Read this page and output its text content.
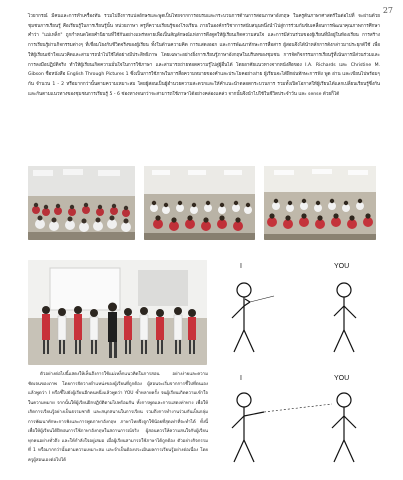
27

ไวยากรณ์ มีคนและการทำเครื่องทัน รวมไปถึงการแปลอักษรและพูดเป็นไทยจากการอบรมและกระบวนการด้านการสอนภาษาอังกฤษ ในครูต้นภาษาศาสตร์ในต่อไปที่ จะผ่านด้วยชุมชนการเรียนรู้ คือเรียนรู้ในการเรียนรู้นั้น หน่วยภาษา ครูที่ความเรียนรู้ของโรงเรียน ภายในองค์กรวิชาการสนับสนุนหนึ่งนำไปสู่การร่วมกันขับเคลื่อนการพัฒนาคุณภาพการศึกษา คำว่า "แม่เหล็ก" ถูกกำหนดโดยคำนิยามที่ใช้กันอย่างแพร่หลายเพื่อเป็นสัญลักษณ์แห่งการดึงดูดให้ผู้เรียนเกิดความสนใจ และการมีส่วนร่วมของผู้เรียนที่มีอยู่ในห้องเรียน การสร้างการเรียนรู้ผ่านกิจกรรมต่างๆ ที่เชื่อมโยงกับชีวิตจริงของผู้เรียน ทั้งในด้านความคิด การแสดงออก และการพัฒนาทักษะการสื่อสาร ผู้สอนจึงได้นำหลักการดังกล่าวมาประยุกต์ใช้ เพื่อให้ผู้เรียนเข้าใจแนวคิดและสามารถนำไปใช้ได้อย่างมีประสิทธิภาพ โดยเฉพาะอย่างยิ่งการเรียนรู้ภาษาอังกฤษในบริบทของชุมชน การจัดกิจกรรมการเรียนรู้ที่เน้นการมีส่วนร่วมและการลงมือปฏิบัติจริง ทำให้ผู้เรียนเกิดความมั่นใจในการใช้ภาษา และสามารถถ่ายทอดความรู้ไปสู่ผู้อื่นได้ โดยอาศัยแนวทางจากหนังสือของ I.A. Richards และ Christine M. Gibson ชื่อหนังสือ English Through Pictures 1 ซึ่งเป็นการใช้ภาพในการสื่อความหมายของคำและประโยคอย่างง่าย ผู้เรียนจะได้ฝึกฝนทักษะการฟัง พูด อ่าน และเขียนไปพร้อมๆ กัน จำนวน 1 - 2 หรือมากกว่านั้นตามความเหมาะสม โดยผู้สอนเป็นผู้อำนวยความสะดวกและให้คำแนะนำตลอดกระบวนการ รวมทั้งเปิดโอกาสให้ผู้เรียนได้แลกเปลี่ยนเรียนรู้ซึ่งกันและกันตามแนวทางของชุมชนการเรียนรู้ 5 - 6 ช่องทางจนกว่าจะสามารถใช้ภาษาได้อย่างคล่องแคล่ว จากนั้นจึงนำไปใช้ในชีวิตประจำวัน และ sense ด้วยก็ได้

I	YOU
I	YOU

ตัวอย่างต่อไปนี้แสดงให้เห็นถึงการใช้แม่เหล็กแนวคิดในการสอน อย่างง่ายและความชัดเจนของภาพ โดยการจัดวางตำแหน่งของผู้เรียนที่ถูกต้อง ผู้สอนจะเริ่มจากการชี้ไปที่ตนเองแล้วพูดว่า I หรือชี้ไปยังผู้เรียนอีกคนหนึ่งแล้วพูดว่า YOU ซ้ำหลายครั้ง จนผู้เรียนเกิดความเข้าใจในความหมาย จากนั้นให้ผู้เรียนฝึกปฏิบัติตามไปพร้อมกัน ทั้งการพูดและการแสดงท่าทาง เพื่อให้เกิดการเรียนรู้อย่างเป็นธรรมชาติ และสนุกสนานในการเรียน รวมถึงการทำงานร่วมกันเป็นกลุ่ม การพัฒนาทักษะการฟังและการพูดภาษาอังกฤษ ภาษาไทยจึงถูกใช้น้อยที่สุดเท่าที่จะทำได้ ทั้งนี้เพื่อให้ผู้เรียนได้ฝึกฝนการใช้ภาษาอังกฤษในสถานการณ์จริง ผู้สอนควรให้ความสนใจกับผู้เรียนทุกคนอย่างทั่วถึง และให้กำลังใจอยู่เสมอ เมื่อผู้เรียนสามารถใช้ภาษาได้ถูกต้อง ตัวอย่างกิจกรรมที่ 1 หรือมากกว่านั้นตามความเหมาะสม และจำเป็นต้องประเมินผลการเรียนรู้อย่างต่อเนื่อง โดยครูผู้สอนเองต่อไปได้
